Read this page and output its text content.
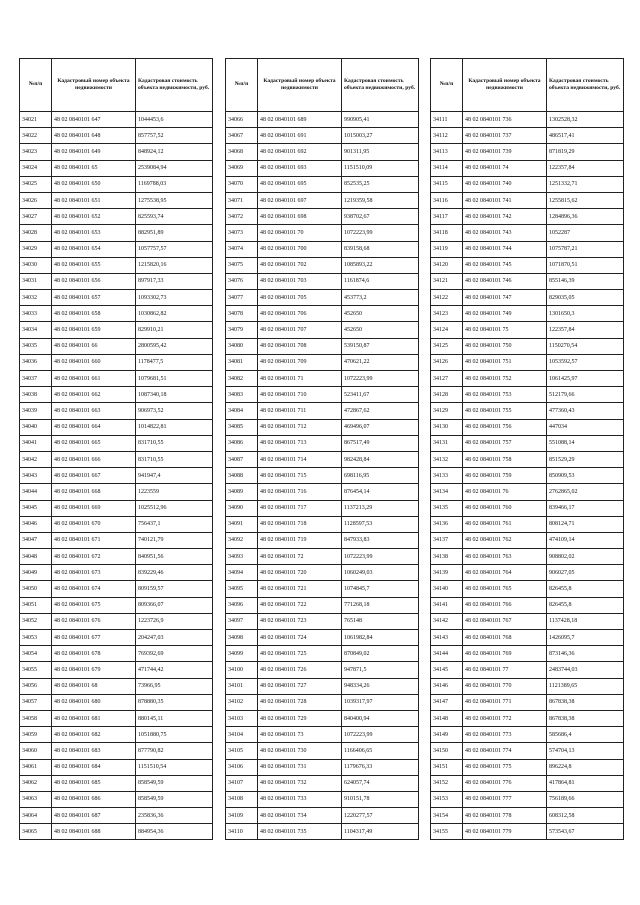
№п/п	Кадастровый номер объекта недвижимости	Кадастровая стоимость объекта недвижимости, руб.
34021	48 02 0840101 647	1044453,6
34022	48 02 0840101 648	857757,52
34023	48 02 0840101 649	848924,12
34024	48 02 0840101 65	2539084,94
34025	48 02 0840101 650	1169788,03
34026	48 02 0840101 651	1275538,95
34027	48 02 0840101 652	825593,74
34028	48 02 0840101 653	882951,89
34029	48 02 0840101 654	1057757,57
34030	48 02 0840101 655	1215820,16
34031	48 02 0840101 656	897917,33
34032	48 02 0840101 657	1093302,73
34033	48 02 0840101 658	1030862,82
34034	48 02 0840101 659	829910,21
34035	48 02 0840101 66	2800595,42
34036	48 02 0840101 660	1178477,5
34037	48 02 0840101 661	1079681,51
34038	48 02 0840101 662	1087340,18
34039	48 02 0840101 663	906973,52
34040	48 02 0840101 664	1014822,81
34041	48 02 0840101 665	831710,55
34042	48 02 0840101 666	831710,55
34043	48 02 0840101 667	941947,4
34044	48 02 0840101 668	1223559
34045	48 02 0840101 669	1025512,96
34046	48 02 0840101 670	756437,1
34047	48 02 0840101 671	740121,79
34048	48 02 0840101 672	840951,56
34049	48 02 0840101 673	839229,46
34050	48 02 0840101 674	809159,57
34051	48 02 0840101 675	809366,07
34052	48 02 0840101 676	1223726,9
34053	48 02 0840101 677	204247,03
34054	48 02 0840101 678	769392,69
34055	48 02 0840101 679	471744,42
34056	48 02 0840101 68	73966,95
34057	48 02 0840101 680	878880,35
34058	48 02 0840101 681	880145,11
34059	48 02 0840101 682	1051880,75
34060	48 02 0840101 683	877790,82
34061	48 02 0840101 684	1151510,54
34062	48 02 0840101 685	858549,59
34063	48 02 0840101 686	858549,59
34064	48 02 0840101 687	235836,36
34065	48 02 0840101 688	884954,36
№п/п	Кадастровый номер объекта недвижимости	Кадастровая стоимость объекта недвижимости, руб.
34066	48 02 0840101 689	990905,41
34067	48 02 0840101 691	1015003,27
34068	48 02 0840101 692	901311,95
34069	48 02 0840101 693	1151510,09
34070	48 02 0840101 695	852535,25
34071	48 02 0840101 697	1219359,58
34072	48 02 0840101 698	938702,67
34073	48 02 0840101 70	1072223,99
34074	48 02 0840101 700	839158,68
34075	48 02 0840101 702	1085893,22
34076	48 02 0840101 703	1161874,6
34077	48 02 0840101 705	453773,2
34078	48 02 0840101 706	452650
34079	48 02 0840101 707	452650
34080	48 02 0840101 708	539150,87
34081	48 02 0840101 709	470621,22
34082	48 02 0840101 71	1072223,99
34083	48 02 0840101 710	523411,67
34084	48 02 0840101 711	472867,62
34085	48 02 0840101 712	469496,07
34086	48 02 0840101 713	867517,49
34087	48 02 0840101 714	982428,84
34088	48 02 0840101 715	698116,95
34089	48 02 0840101 716	876454,14
34090	48 02 0840101 717	1137213,29
34091	48 02 0840101 718	1128597,53
34092	48 02 0840101 719	847933,83
34093	48 02 0840101 72	1072223,99
34094	48 02 0840101 720	1060249,03
34095	48 02 0840101 721	1074845,7
34096	48 02 0840101 722	771268,18
34097	48 02 0840101 723	765148
34098	48 02 0840101 724	1061982,84
34099	48 02 0840101 725	870849,02
34100	48 02 0840101 726	947871,5
34101	48 02 0840101 727	948334,26
34102	48 02 0840101 728	1039317,97
34103	48 02 0840101 729	840400,94
34104	48 02 0840101 73	1072223,99
34105	48 02 0840101 730	1166406,65
34106	48 02 0840101 731	1179676,33
34107	48 02 0840101 732	624057,74
34108	48 02 0840101 733	910151,78
34109	48 02 0840101 734	1220277,57
34110	48 02 0840101 735	1104317,49
№п/п	Кадастровый номер объекта недвижимости	Кадастровая стоимость объекта недвижимости, руб.
34111	48 02 0840101 736	1302528,32
34112	48 02 0840101 737	486517,41
34113	48 02 0840101 739	871819,29
34114	48 02 0840101 74	122357,84
34115	48 02 0840101 740	1251332,71
34116	48 02 0840101 741	1255815,62
34117	48 02 0840101 742	1284896,36
34118	48 02 0840101 743	1052287
34119	48 02 0840101 744	1075787,21
34120	48 02 0840101 745	1071870,51
34121	48 02 0840101 746	855146,39
34122	48 02 0840101 747	829035,05
34123	48 02 0840101 749	1301650,3
34124	48 02 0840101 75	122357,84
34125	48 02 0840101 750	1150270,54
34126	48 02 0840101 751	1053592,57
34127	48 02 0840101 752	1061425,97
34128	48 02 0840101 753	512179,66
34129	48 02 0840101 755	477360,43
34130	48 02 0840101 756	447034
34131	48 02 0840101 757	551088,14
34132	48 02 0840101 758	851529,29
34133	48 02 0840101 759	850909,53
34134	48 02 0840101 76	2762865,02
34135	48 02 0840101 760	839466,17
34136	48 02 0840101 761	808124,71
34137	48 02 0840101 762	474109,14
34138	48 02 0840101 763	908802,02
34139	48 02 0840101 764	906027,05
34140	48 02 0840101 765	826455,8
34141	48 02 0840101 766	826455,8
34142	48 02 0840101 767	1137428,18
34143	48 02 0840101 768	1426095,7
34144	48 02 0840101 769	873146,36
34145	48 02 0840101 77	2483744,03
34146	48 02 0840101 770	1121389,65
34147	48 02 0840101 771	867838,38
34148	48 02 0840101 772	867838,38
34149	48 02 0840101 773	585686,4
34150	48 02 0840101 774	574704,13
34151	48 02 0840101 775	896224,8
34152	48 02 0840101 776	417864,81
34153	48 02 0840101 777	756189,66
34154	48 02 0840101 778	608312,58
34155	48 02 0840101 779	573543,67
